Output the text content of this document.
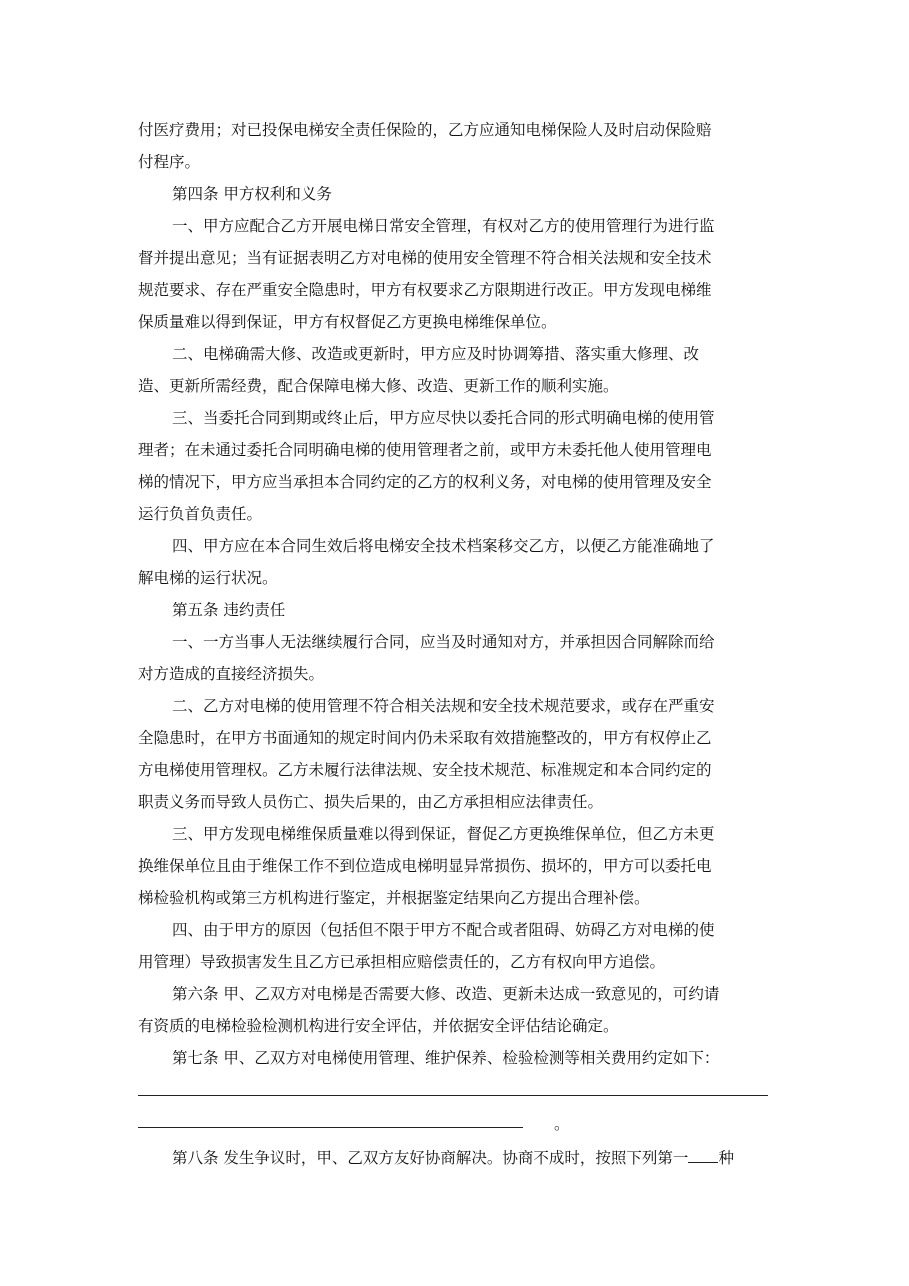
付医疗费用；对已投保电梯安全责任保险的，乙方应通知电梯保险人及时启动保险赔
付程序。
第四条 甲方权利和义务
一、甲方应配合乙方开展电梯日常安全管理，有权对乙方的使用管理行为进行监
督并提出意见；当有证据表明乙方对电梯的使用安全管理不符合相关法规和安全技术
规范要求、存在严重安全隐患时，甲方有权要求乙方限期进行改正。甲方发现电梯维
保质量难以得到保证，甲方有权督促乙方更换电梯维保单位。
二、电梯确需大修、改造或更新时，甲方应及时协调筹措、落实重大修理、改
造、更新所需经费，配合保障电梯大修、改造、更新工作的顺利实施。
三、当委托合同到期或终止后，甲方应尽快以委托合同的形式明确电梯的使用管
理者；在未通过委托合同明确电梯的使用管理者之前，或甲方未委托他人使用管理电
梯的情况下，甲方应当承担本合同约定的乙方的权利义务，对电梯的使用管理及安全
运行负首负责任。
四、甲方应在本合同生效后将电梯安全技术档案移交乙方，以便乙方能准确地了
解电梯的运行状况。
第五条 违约责任
一、一方当事人无法继续履行合同，应当及时通知对方，并承担因合同解除而给
对方造成的直接经济损失。
二、乙方对电梯的使用管理不符合相关法规和安全技术规范要求，或存在严重安
全隐患时，在甲方书面通知的规定时间内仍未采取有效措施整改的，甲方有权停止乙
方电梯使用管理权。乙方未履行法律法规、安全技术规范、标准规定和本合同约定的
职责义务而导致人员伤亡、损失后果的，由乙方承担相应法律责任。
三、甲方发现电梯维保质量难以得到保证，督促乙方更换维保单位，但乙方未更
换维保单位且由于维保工作不到位造成电梯明显异常损伤、损坏的，甲方可以委托电
梯检验机构或第三方机构进行鉴定，并根据鉴定结果向乙方提出合理补偿。
四、由于甲方的原因（包括但不限于甲方不配合或者阻碍、妨碍乙方对电梯的使
用管理）导致损害发生且乙方已承担相应赔偿责任的，乙方有权向甲方追偿。
第六条 甲、乙双方对电梯是否需要大修、改造、更新未达成一致意见的，可约请
有资质的电梯检验检测机构进行安全评估，并依据安全评估结论确定。
第七条 甲、乙双方对电梯使用管理、维护保养、检验检测等相关费用约定如下：
。
第八条 发生争议时，甲、乙双方友好协商解决。协商不成时，按照下列第一 种
